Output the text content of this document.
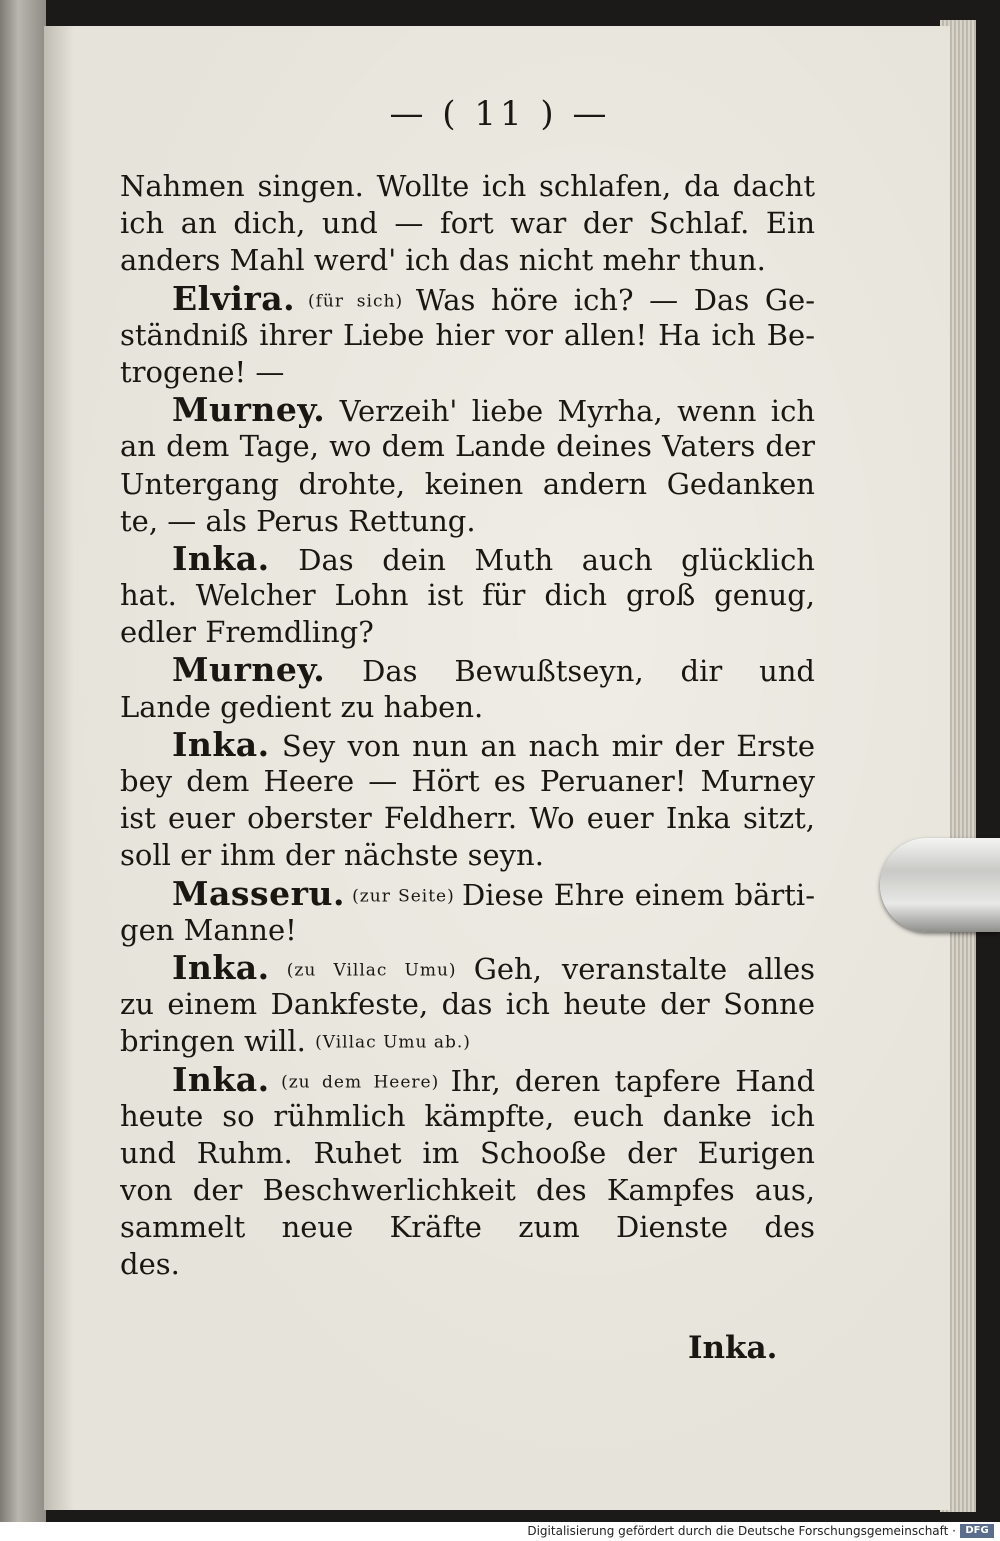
— ( 11 ) —
Nahmen singen. Wollte ich schlafen, da dacht
ich an dich, und — fort war der Schlaf. Ein
anders Mahl werd' ich das nicht mehr thun.
Elvira. (für sich) Was höre ich? — Das Ge-
ständniß ihrer Liebe hier vor allen! Ha ich Be-
trogene! —
Murney. Verzeih' liebe Myrha, wenn ich
an dem Tage, wo dem Lande deines Vaters der
Untergang drohte, keinen andern Gedanken
te, — als Perus Rettung.
Inka. Das dein Muth auch glücklich
hat. Welcher Lohn ist für dich groß genug,
edler Fremdling?
Murney. Das Bewußtseyn, dir und
Lande gedient zu haben.
Inka. Sey von nun an nach mir der Erste
bey dem Heere — Hört es Peruaner! Murney
ist euer oberster Feldherr. Wo euer Inka sitzt,
soll er ihm der nächste seyn.
Masseru. (zur Seite) Diese Ehre einem bärti-
gen Manne!
Inka. (zu Villac Umu) Geh, veranstalte alles
zu einem Dankfeste, das ich heute der Sonne
bringen will. (Villac Umu ab.)
Inka. (zu dem Heere) Ihr, deren tapfere Hand
heute so rühmlich kämpfte, euch danke ich
und Ruhm. Ruhet im Schooße der Eurigen
von der Beschwerlichkeit des Kampfes aus,
sammelt neue Kräfte zum Dienste des
des.
Inka.
Digitalisierung gefördert durch die Deutsche Forschungsgemeinschaft · DFG
